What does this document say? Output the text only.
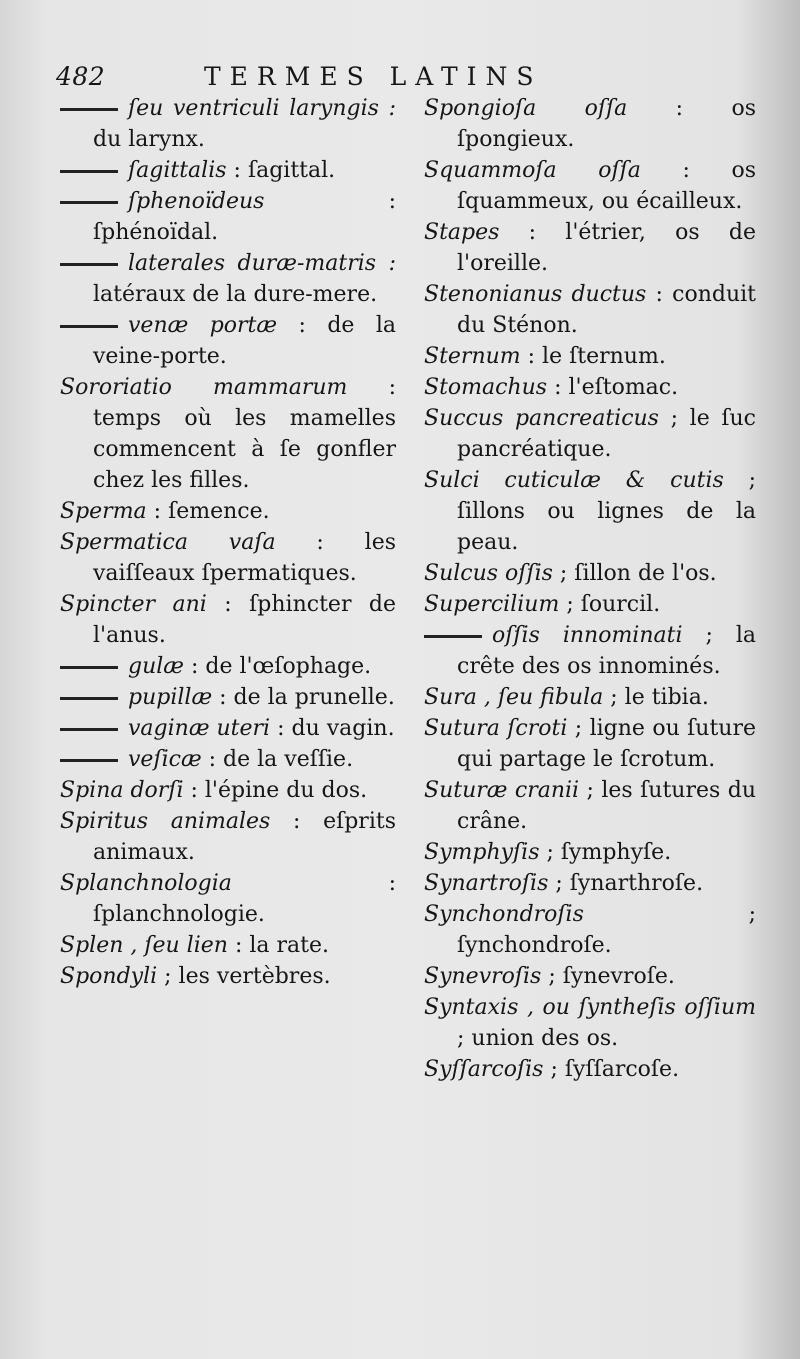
482	TERMES LATINS
ſeu ventriculi laryngis : du larynx.
ſagittalis : ſagittal.
ſphenoïdeus : ſphénoïdal.
laterales duræ-matris : latéraux de la dure-mere.
venæ portæ : de la veine-porte.
Sororiatio mammarum : temps où les mamelles commencent à ſe gonfler chez les filles.
Sperma : ſemence.
Spermatica vaſa : les vaiſſeaux ſpermatiques.
Spincter ani : ſphincter de l'anus.
gulæ : de l'œſophage.
pupillæ : de la prunelle.
vaginæ uteri : du vagin.
veſicæ : de la veſſie.
Spina dorſi : l'épine du dos.
Spiritus animales : eſprits animaux.
Splanchnologia : ſplanchnologie.
Splen , ſeu lien : la rate.
Spondyli ; les vertèbres.
Spongioſa oſſa : os ſpongieux.
Squammoſa oſſa : os ſquammeux, ou écailleux.
Stapes : l'étrier, os de l'oreille.
Stenonianus ductus : conduit du Sténon.
Sternum : le ſternum.
Stomachus : l'eſtomac.
Succus pancreaticus ; le ſuc pancréatique.
Sulci cuticulæ & cutis ; ſillons ou lignes de la peau.
Sulcus oſſis ; ſillon de l'os.
Supercilium ; ſourcil.
oſſis innominati ; la crête des os innominés.
Sura , ſeu fibula ; le tibia.
Sutura ſcroti ; ligne ou ſuture qui partage le ſcrotum.
Suturæ cranii ; les ſutures du crâne.
Symphyſis ; ſymphyſe.
Synartroſis ; ſynarthroſe.
Synchondroſis ; ſynchondroſe.
Synevroſis ; ſynevroſe.
Syntaxis , ou ſyntheſis oſſium ; union des os.
Syſſarcoſis ; ſyſſarcoſe.
